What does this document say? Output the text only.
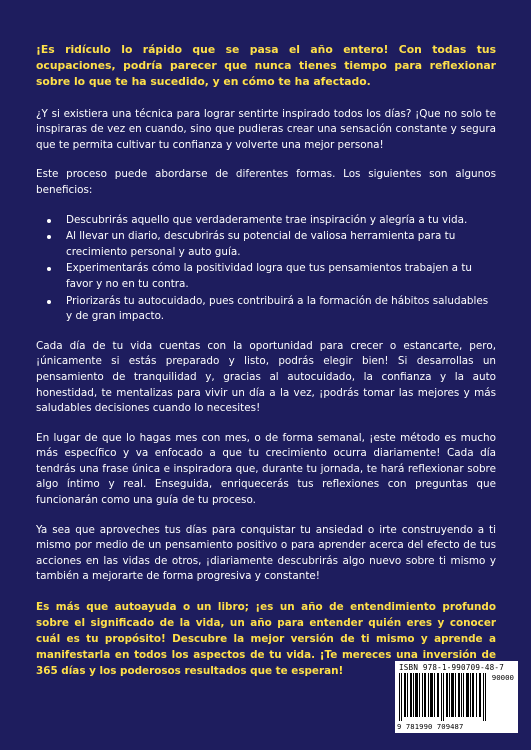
¡Es ridículo lo rápido que se pasa el año entero! Con todas tus ocupaciones, podría parecer que nunca tienes tiempo para reflexionar sobre lo que te ha sucedido, y en cómo te ha afectado.

¿Y si existiera una técnica para lograr sentirte inspirado todos los días? ¡Que no solo te inspiraras de vez en cuando, sino que pudieras crear una sensación constante y segura que te permita cultivar tu confianza y volverte una mejor persona!

Este proceso puede abordarse de diferentes formas. Los siguientes son algunos beneficios:

Descubrirás aquello que verdaderamente trae inspiración y alegría a tu vida.
Al llevar un diario, descubrirás su potencial de valiosa herramienta para tu crecimiento personal y auto guía.
Experimentarás cómo la positividad logra que tus pensamientos trabajen a tu favor y no en tu contra.
Priorizarás tu autocuidado, pues contribuirá a la formación de hábitos saludables y de gran impacto.

Cada día de tu vida cuentas con la oportunidad para crecer o estancarte, pero, ¡únicamente si estás preparado y listo, podrás elegir bien! Si desarrollas un pensamiento de tranquilidad y, gracias al autocuidado, la confianza y la auto honestidad, te mentalizas para vivir un día a la vez, ¡podrás tomar las mejores y más saludables decisiones cuando lo necesites!

En lugar de que lo hagas mes con mes, o de forma semanal, ¡este método es mucho más específico y va enfocado a que tu crecimiento ocurra diariamente! Cada día tendrás una frase única e inspiradora que, durante tu jornada, te hará reflexionar sobre algo íntimo y real. Enseguida, enriquecerás tus reflexiones con preguntas que funcionarán como una guía de tu proceso.

Ya sea que aproveches tus días para conquistar tu ansiedad o irte construyendo a ti mismo por medio de un pensamiento positivo o para aprender acerca del efecto de tus acciones en las vidas de otros, ¡diariamente descubrirás algo nuevo sobre ti mismo y también a mejorarte de forma progresiva y constante!

Es más que autoayuda o un libro; ¡es un año de entendimiento profundo sobre el significado de la vida, un año para entender quién eres y conocer cuál es tu propósito! Descubre la mejor versión de ti mismo y aprende a manifestarla en todos los aspectos de tu vida. ¡Te mereces una inversión de 365 días y los poderosos resultados que te esperan!	ISBN 978-1-990709-48-7
90000
9 781990 709487
